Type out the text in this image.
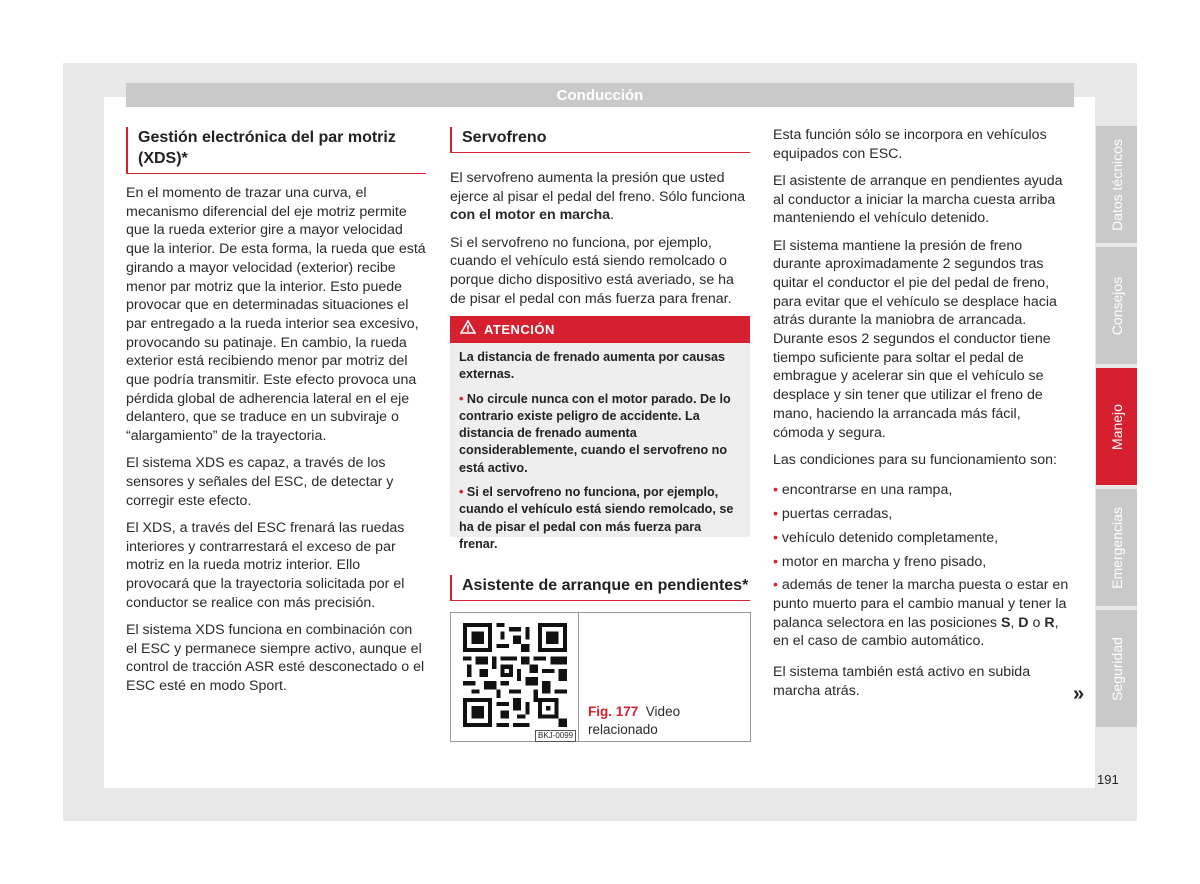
Conducción
Gestión electrónica del par motriz (XDS)*

En el momento de trazar una curva, el mecanismo diferencial del eje motriz permite que la rueda exterior gire a mayor velocidad que la interior. De esta forma, la rueda que está girando a mayor velocidad (exterior) recibe menor par motriz que la interior. Esto puede provocar que en determinadas situaciones el par entregado a la rueda interior sea excesivo, provocando su patinaje. En cambio, la rueda exterior está recibiendo menor par motriz del que podría transmitir. Este efecto provoca una pérdida global de adherencia lateral en el eje delantero, que se traduce en un subviraje o “alargamiento” de la trayectoria.

El sistema XDS es capaz, a través de los sensores y señales del ESC, de detectar y corregir este efecto.

El XDS, a través del ESC frenará las ruedas interiores y contrarrestará el exceso de par motriz en la rueda motriz interior. Ello provocará que la trayectoria solicitada por el conductor se realice con más precisión.

El sistema XDS funciona en combinación con el ESC y permanece siempre activo, aunque el control de tracción ASR esté desconectado o el ESC esté en modo Sport.

Servofreno

El servofreno aumenta la presión que usted ejerce al pisar el pedal del freno. Sólo funciona con el motor en marcha.

Si el servofreno no funciona, por ejemplo, cuando el vehículo está siendo remolcado o porque dicho dispositivo está averiado, se ha de pisar el pedal con más fuerza para frenar.

ATENCIÓN

La distancia de frenado aumenta por causas externas.

• No circule nunca con el motor parado. De lo contrario existe peligro de accidente. La distancia de frenado aumenta considerablemente, cuando el servofreno no está activo.

• Si el servofreno no funciona, por ejemplo, cuando el vehículo está siendo remolcado, se ha de pisar el pedal con más fuerza para frenar.

Asistente de arranque en pendientes*
BKJ-0099
Fig. 177 Video relacionado

Esta función sólo se incorpora en vehículos equipados con ESC.

El asistente de arranque en pendientes ayuda al conductor a iniciar la marcha cuesta arriba manteniendo el vehículo detenido.

El sistema mantiene la presión de freno durante aproximadamente 2 segundos tras quitar el conductor el pie del pedal de freno, para evitar que el vehículo se desplace hacia atrás durante la maniobra de arrancada. Durante esos 2 segundos el conductor tiene tiempo suficiente para soltar el pedal de embrague y acelerar sin que el vehículo se desplace y sin tener que utilizar el freno de mano, haciendo la arrancada más fácil, cómoda y segura.

Las condiciones para su funcionamiento son:

• encontrarse en una rampa,
• puertas cerradas,
• vehículo detenido completamente,
• motor en marcha y freno pisado,
• además de tener la marcha puesta o estar en punto muerto para el cambio manual y tener la palanca selectora en las posiciones S, D o R, en el caso de cambio automático.

El sistema también está activo en subida marcha atrás.	»
Datos técnicos
Consejos
Manejo
Emergencias
Seguridad
191
